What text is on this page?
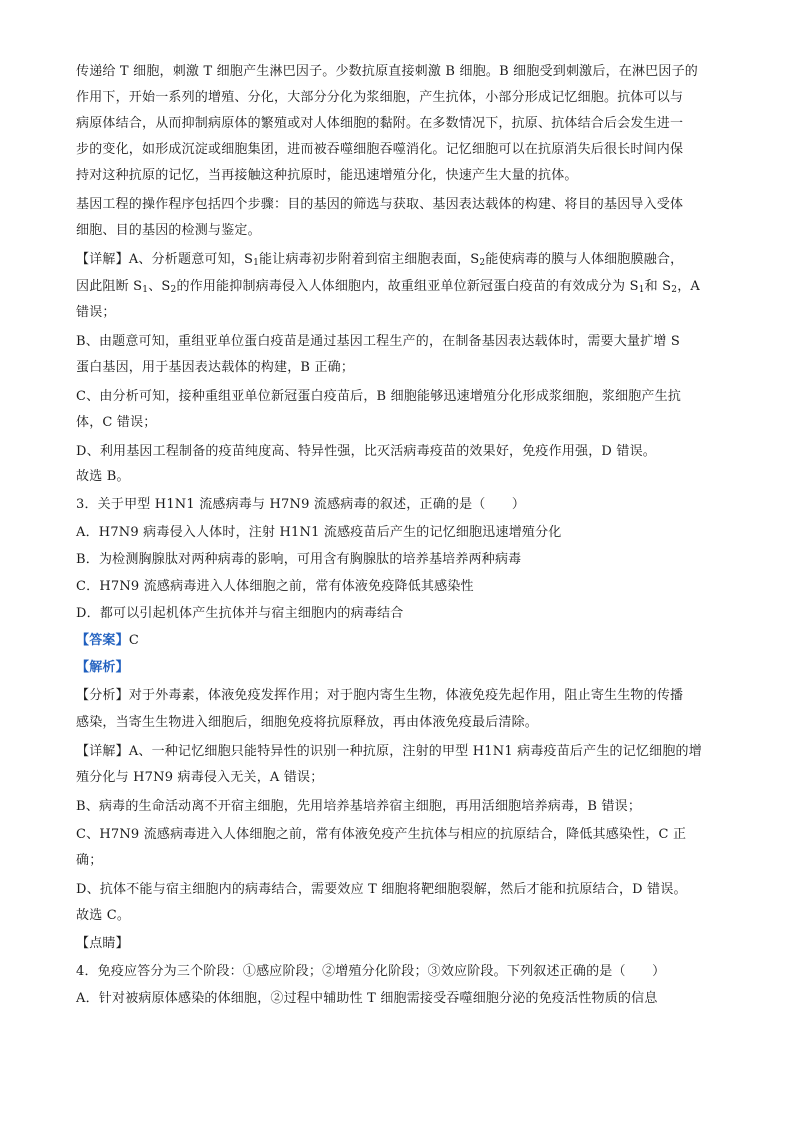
传递给 T 细胞，刺激 T 细胞产生淋巴因子。少数抗原直接刺激 B 细胞。B 细胞受到刺激后，在淋巴因子的
作用下，开始一系列的增殖、分化，大部分分化为浆细胞，产生抗体，小部分形成记忆细胞。抗体可以与
病原体结合，从而抑制病原体的繁殖或对人体细胞的黏附。在多数情况下，抗原、抗体结合后会发生进一
步的变化，如形成沉淀或细胞集团，进而被吞噬细胞吞噬消化。记忆细胞可以在抗原消失后很长时间内保
持对这种抗原的记忆，当再接触这种抗原时，能迅速增殖分化，快速产生大量的抗体。
基因工程的操作程序包括四个步骤：目的基因的筛选与获取、基因表达载体的构建、将目的基因导入受体
细胞、目的基因的检测与鉴定。
【详解】A、分析题意可知，$S_1$能让病毒初步附着到宿主细胞表面，$S_2$能使病毒的膜与人体细胞膜融合，
因此阻断 $S_1$、$S_2$的作用能抑制病毒侵入人体细胞内，故重组亚单位新冠蛋白疫苗的有效成分为 $S_1$和 $S_2$，A
错误；
B、由题意可知，重组亚单位蛋白疫苗是通过基因工程生产的，在制备基因表达载体时，需要大量扩增 S
蛋白基因，用于基因表达载体的构建，B 正确；
C、由分析可知，接种重组亚单位新冠蛋白疫苗后，B 细胞能够迅速增殖分化形成浆细胞，浆细胞产生抗
体，C 错误；
D、利用基因工程制备的疫苗纯度高、特异性强，比灭活病毒疫苗的效果好，免疫作用强，D 错误。
故选 B。
3．关于甲型 H1N1 流感病毒与 H7N9 流感病毒的叙述，正确的是（　　）
A．H7N9 病毒侵入人体时，注射 H1N1 流感疫苗后产生的记忆细胞迅速增殖分化
B．为检测胸腺肽对两种病毒的影响，可用含有胸腺肽的培养基培养两种病毒
C．H7N9 流感病毒进入人体细胞之前，常有体液免疫降低其感染性
D．都可以引起机体产生抗体并与宿主细胞内的病毒结合
【答案】C
【解析】
【分析】对于外毒素，体液免疫发挥作用；对于胞内寄生生物，体液免疫先起作用，阻止寄生生物的传播
感染，当寄生生物进入细胞后，细胞免疫将抗原释放，再由体液免疫最后清除。
【详解】A、一种记忆细胞只能特异性的识别一种抗原，注射的甲型 H1N1 病毒疫苗后产生的记忆细胞的增
殖分化与 H7N9 病毒侵入无关，A 错误；
B、病毒的生命活动离不开宿主细胞，先用培养基培养宿主细胞，再用活细胞培养病毒，B 错误；
C、H7N9 流感病毒进入人体细胞之前，常有体液免疫产生抗体与相应的抗原结合，降低其感染性，C 正
确；
D、抗体不能与宿主细胞内的病毒结合，需要效应 T 细胞将靶细胞裂解，然后才能和抗原结合，D 错误。
故选 C。
【点睛】
4．免疫应答分为三个阶段：①感应阶段；②增殖分化阶段；③效应阶段。下列叙述正确的是（　　）
A．针对被病原体感染的体细胞，②过程中辅助性 T 细胞需接受吞噬细胞分泌的免疫活性物质的信息
